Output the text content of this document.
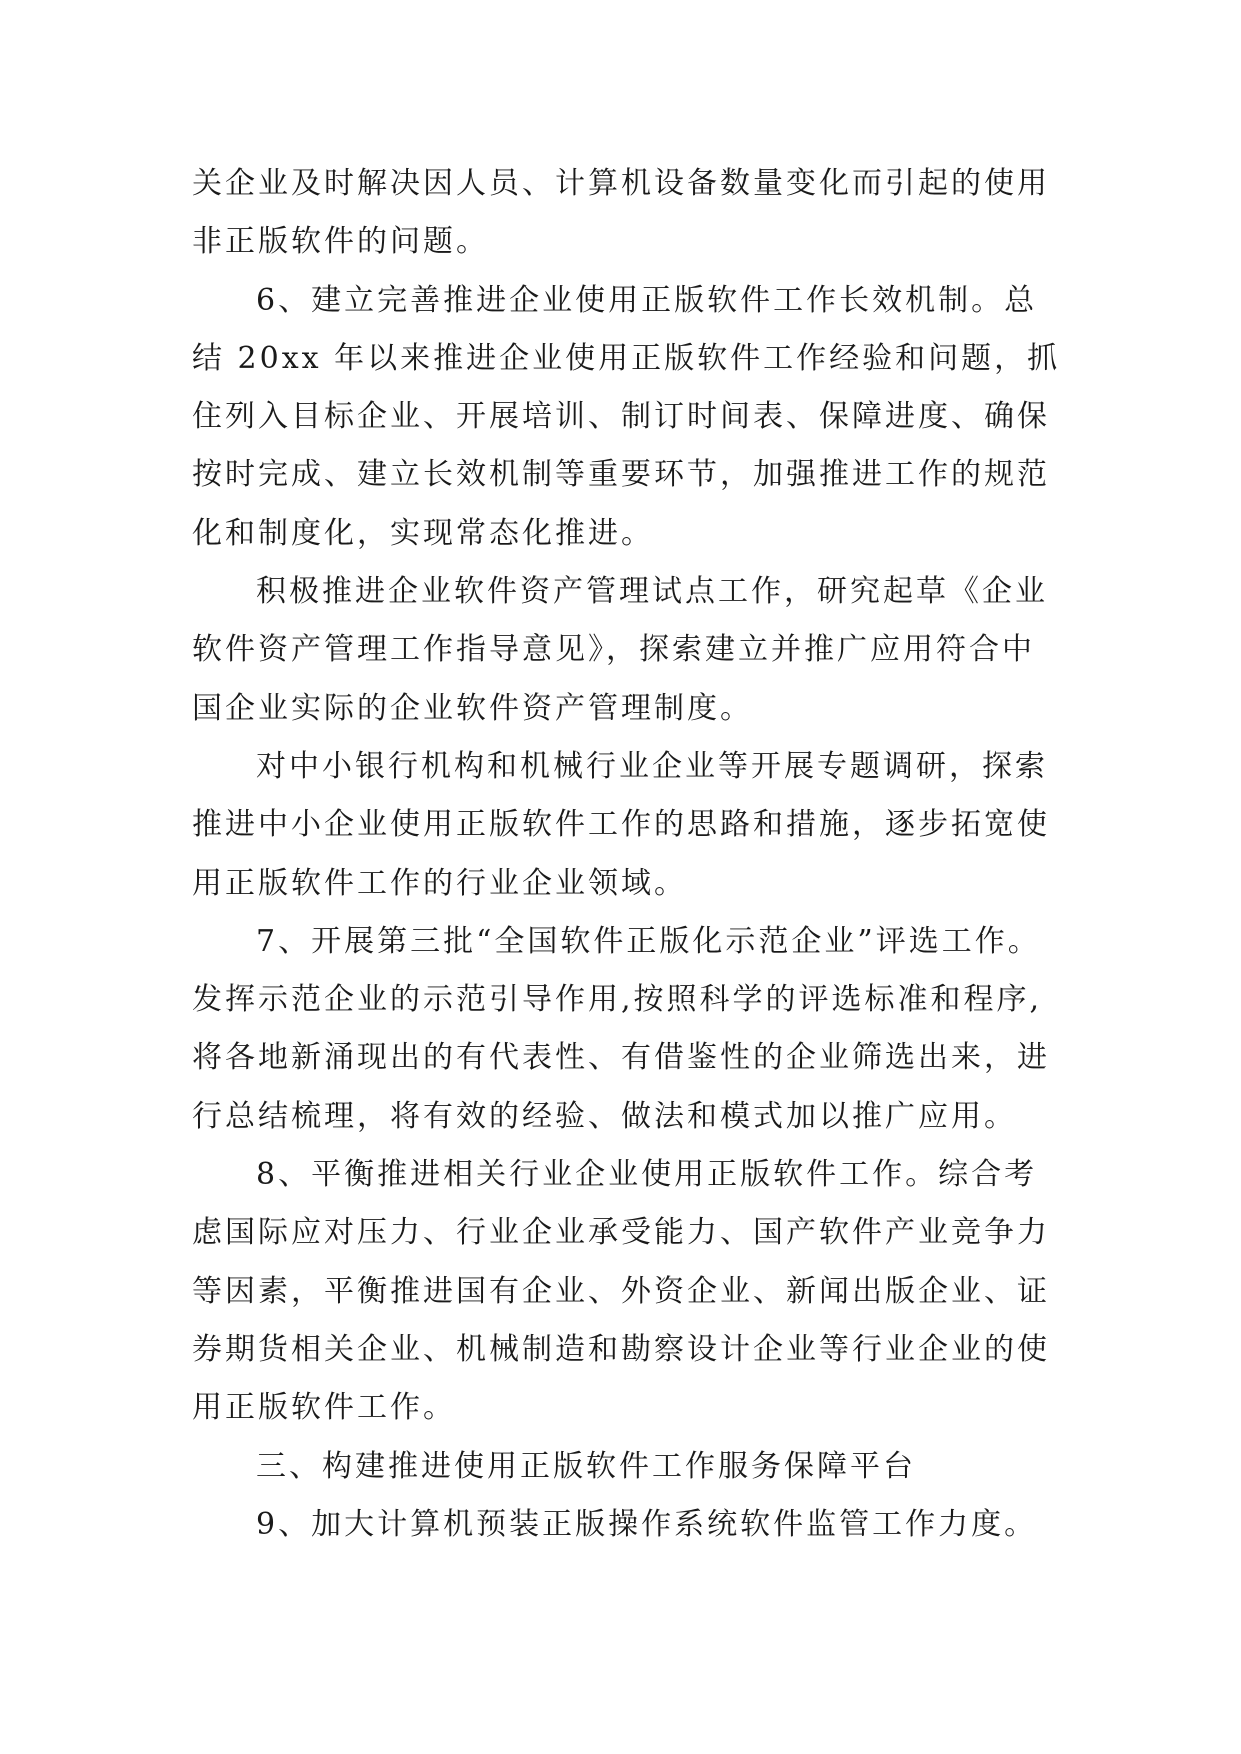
关企业及时解决因人员、计算机设备数量变化而引起的使用
非正版软件的问题。
6、建立完善推进企业使用正版软件工作长效机制。总
结 20xx 年以来推进企业使用正版软件工作经验和问题，抓
住列入目标企业、开展培训、制订时间表、保障进度、确保
按时完成、建立长效机制等重要环节，加强推进工作的规范
化和制度化，实现常态化推进。
积极推进企业软件资产管理试点工作，研究起草《企业
软件资产管理工作指导意见》，探索建立并推广应用符合中
国企业实际的企业软件资产管理制度。
对中小银行机构和机械行业企业等开展专题调研，探索
推进中小企业使用正版软件工作的思路和措施，逐步拓宽使
用正版软件工作的行业企业领域。
7、开展第三批“全国软件正版化示范企业”评选工作。
发挥示范企业的示范引导作用,按照科学的评选标准和程序,
将各地新涌现出的有代表性、有借鉴性的企业筛选出来，进
行总结梳理，将有效的经验、做法和模式加以推广应用。
8、平衡推进相关行业企业使用正版软件工作。综合考
虑国际应对压力、行业企业承受能力、国产软件产业竞争力
等因素，平衡推进国有企业、外资企业、新闻出版企业、证
券期货相关企业、机械制造和勘察设计企业等行业企业的使
用正版软件工作。
三、构建推进使用正版软件工作服务保障平台
9、加大计算机预装正版操作系统软件监管工作力度。
